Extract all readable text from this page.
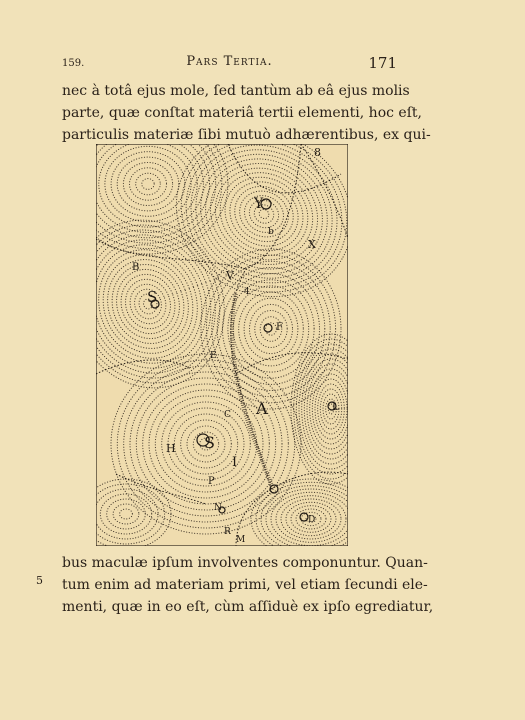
159.	Pars Tertia.	171
nec à totâ ejus mole, ſed tantùm ab eâ ejus molis
parte, quæ conſtat materiâ tertii elementi, hoc eſt,
particulis materiæ ſibi mutuò adhærentibus, ex qui-
8
Y
b
X
B
S
V
4
F
E
A	L
C
H S
I
P
N
D
M
R
bus maculæ ipſum involventes componuntur. Quan-
tum enim ad materiam primi, vel etiam ſecundi ele-
menti, quæ in eo eſt, cùm aſſiduè ex ipſo egrediatur,
5
